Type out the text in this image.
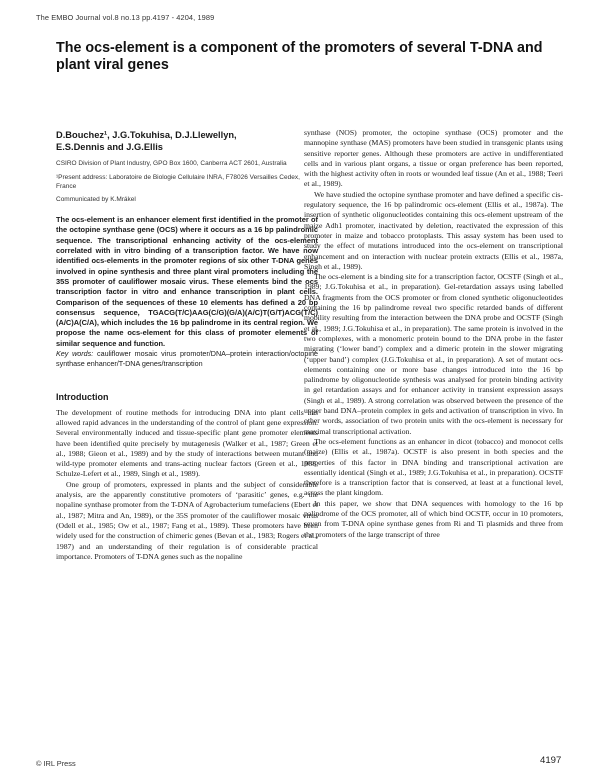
The EMBO Journal vol.8 no.13 pp.4197 - 4204, 1989
The ocs-element is a component of the promoters of several T-DNA and plant viral genes
D.Bouchez¹, J.G.Tokuhisa, D.J.Llewellyn,
E.S.Dennis and J.G.Ellis

CSIRO Division of Plant Industry, GPO Box 1600, Canberra ACT 2601, Australia

¹Present address: Laboratoire de Biologie Cellulaire INRA, F78026 Versailles Cedex, France

Communicated by K.Mrákel

The ocs-element is an enhancer element first identified in the promoter of the octopine synthase gene (OCS) where it occurs as a 16 bp palindromic sequence. The transcriptional enhancing activity of the ocs-element correlated with in vitro binding of a transcription factor. We have now identified ocs-elements in the promoter regions of six other T-DNA genes involved in opine synthesis and three plant viral promoters including the 35S promoter of cauliflower mosaic virus. These elements bind the ocs transcription factor in vitro and enhance transcription in plant cells. Comparison of the sequences of these 10 elements has defined a 20 bp consensus sequence, TGACG(T/C)AAG(C/G)(G/A)(A/C)T(G/T)ACG(T/C)(A/C)A(C/A), which includes the 16 bp palindrome in its central region. We propose the name ocs-element for this class of promoter elements of similar sequence and function.

Key words: cauliflower mosaic virus promoter/DNA–protein interaction/octopine synthase enhancer/T-DNA genes/transcription

Introduction

The development of routine methods for introducing DNA into plant cells has allowed rapid advances in the understanding of the control of plant gene expression. Several environmentally induced and tissue-specific plant gene promoter elements have been identified quite precisely by mutagenesis (Walker et al., 1987; Green et al., 1988; Gieon et al., 1989) and by the study of interactions between mutant and wild-type promoter elements and trans-acting nuclear factors (Green et al., 1988, Schulze-Lefert et al., 1989, Singh et al., 1989).

One group of promoters, expressed in plants and the subject of considerable analysis, are the apparently constitutive promoters of ‘parasitic’ genes, e.g. the nopaline synthase promoter from the T-DNA of Agrobacterium tumefaciens (Ebert et al., 1987; Mitra and An, 1989), or the 35S promoter of the cauliflower mosaic virus (Odell et al., 1985; Ow et al., 1987; Fang et al., 1989). These promoters have been widely used for the construction of chimeric genes (Bevan et al., 1983; Rogers et al., 1987) and an understanding of their regulation is of considerable practical importance. Promoters of T-DNA genes such as the nopaline

synthase (NOS) promoter, the octopine synthase (OCS) promoter and the mannopine synthase (MAS) promoters have been studied in transgenic plants using sensitive reporter genes. Although these promoters are active in undifferentiated cells and in various plant organs, a tissue or organ preference has been reported, with the highest activity often in roots or wounded leaf tissue (An et al., 1988; Teeri et al., 1989).

We have studied the octopine synthase promoter and have defined a specific cis-regulatory sequence, the 16 bp palindromic ocs-element (Ellis et al., 1987a). The insertion of synthetic oligonucleotides containing this ocs-element upstream of the maize Adh1 promoter, inactivated by deletion, reactivated the expression of this promoter in maize and tobacco protoplasts. This assay system has been used to study the effect of mutations introduced into the ocs-element on transcriptional enhancement and on interaction with nuclear protein extracts (Ellis et al., 1987a, Singh et al., 1989).

The ocs-element is a binding site for a transcription factor, OCSTF (Singh et al., 1989; J.G.Tokuhisa et al., in preparation). Gel-retardation assays using labelled DNA fragments from the OCS promoter or from cloned synthetic oligonucleotides containing the 16 bp palindrome reveal two specific retarded bands of different mobility resulting from the interaction between the DNA probe and OCSTF (Singh et al., 1989; J.G.Tokuhisa et al., in preparation). The same protein is involved in the two complexes, with a monomeric protein bound to the DNA probe in the faster migrating (‘lower band’) complex and a dimeric protein in the slower migrating (‘upper band’) complex (J.G.Tokuhisa et al., in preparation). A set of mutant ocs-elements containing one or more base changes introduced into the 16 bp palindrome by oligonucleotide synthesis was analysed for protein binding activity in gel retardation assays and for enhancer activity in transient expression assays (Singh et al., 1989). A strong correlation was observed between the presence of the upper band DNA–protein complex in gels and activation of transcription in vivo. In other words, association of two protein units with the ocs-element is necessary for maximal transcriptional activation.

The ocs-element functions as an enhancer in dicot (tobacco) and monocot cells (maize) (Ellis et al., 1987a). OCSTF is also present in both species and the properties of this factor in DNA binding and transcriptional activation are essentially identical (Singh et al., 1989; J.G.Tokuhisa et al., in preparation). OCSTF therefore is a transcription factor that is conserved, at least at a functional level, across the plant kingdom.

In this paper, we show that DNA sequences with homology to the 16 bp palindrome of the OCS promoter, all of which bind OCSTF, occur in 10 promoters, seven from T-DNA opine synthase genes from Ri and Ti plasmids and three from the promoters of the large transcript of three

© IRL Press	4197
